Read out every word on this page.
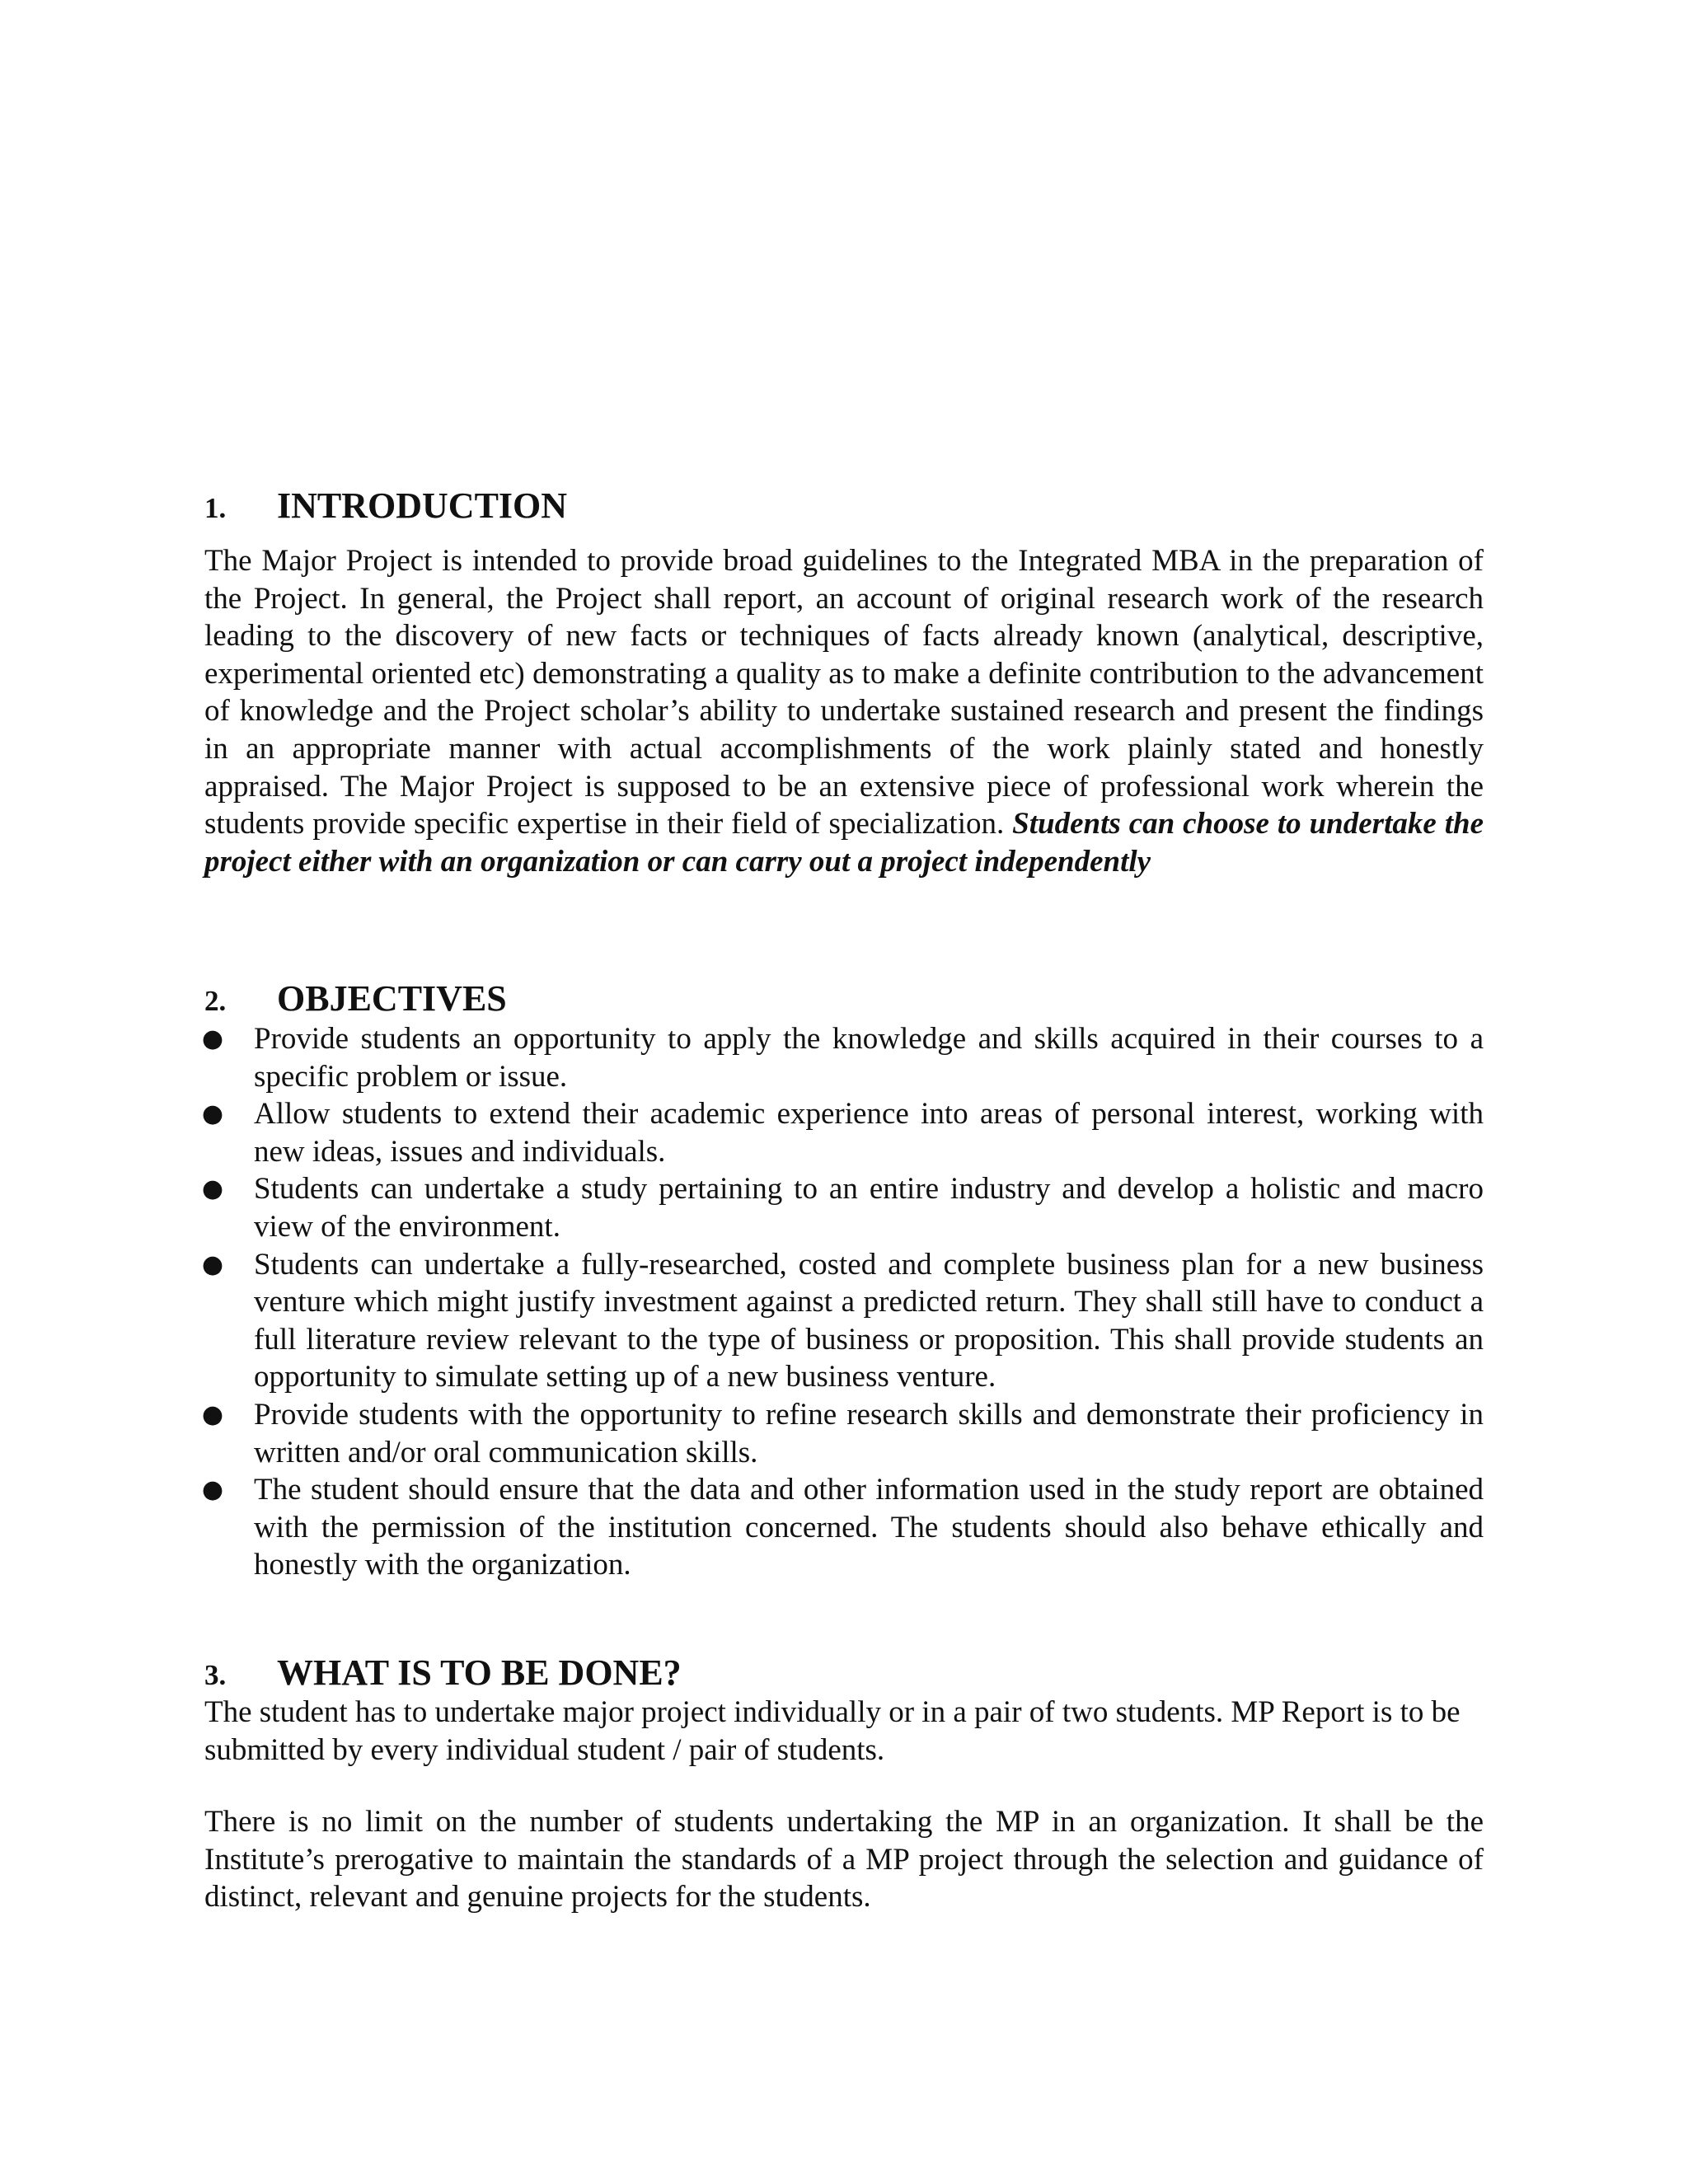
1.	INTRODUCTION

The Major Project is intended to provide broad guidelines to the Integrated MBA in the preparation of the Project. In general, the Project shall report, an account of original research work of the research leading to the discovery of new facts or techniques of facts already known (analytical, descriptive, experimental oriented etc) demonstrating a quality as to make a definite contribution to the advancement of knowledge and the Project scholar’s ability to undertake sustained research and present the findings in an appropriate manner with actual accomplishments of the work plainly stated and honestly appraised. The Major Project is supposed to be an extensive piece of professional work wherein the students provide specific expertise in their field of specialization. Students can choose to undertake the project either with an organization or can carry out a project independently

2.	OBJECTIVES
● Provide students an opportunity to apply the knowledge and skills acquired in their courses to a specific problem or issue.
● Allow students to extend their academic experience into areas of personal interest, working with new ideas, issues and individuals.
● Students can undertake a study pertaining to an entire industry and develop a holistic and macro view of the environment.
● Students can undertake a fully-researched, costed and complete business plan for a new business venture which might justify investment against a predicted return. They shall still have to conduct a full literature review relevant to the type of business or proposition. This shall provide students an opportunity to simulate setting up of a new business venture.
● Provide students with the opportunity to refine research skills and demonstrate their proficiency in written and/or oral communication skills.
● The student should ensure that the data and other information used in the study report are obtained with the permission of the institution concerned. The students should also behave ethically and honestly with the organization.
3.	WHAT IS TO BE DONE?

The student has to undertake major project individually or in a pair of two students. MP Report is to be submitted by every individual student / pair of students.

There is no limit on the number of students undertaking the MP in an organization. It shall be the Institute’s prerogative to maintain the standards of a MP project through the selection and guidance of distinct, relevant and genuine projects for the students.
